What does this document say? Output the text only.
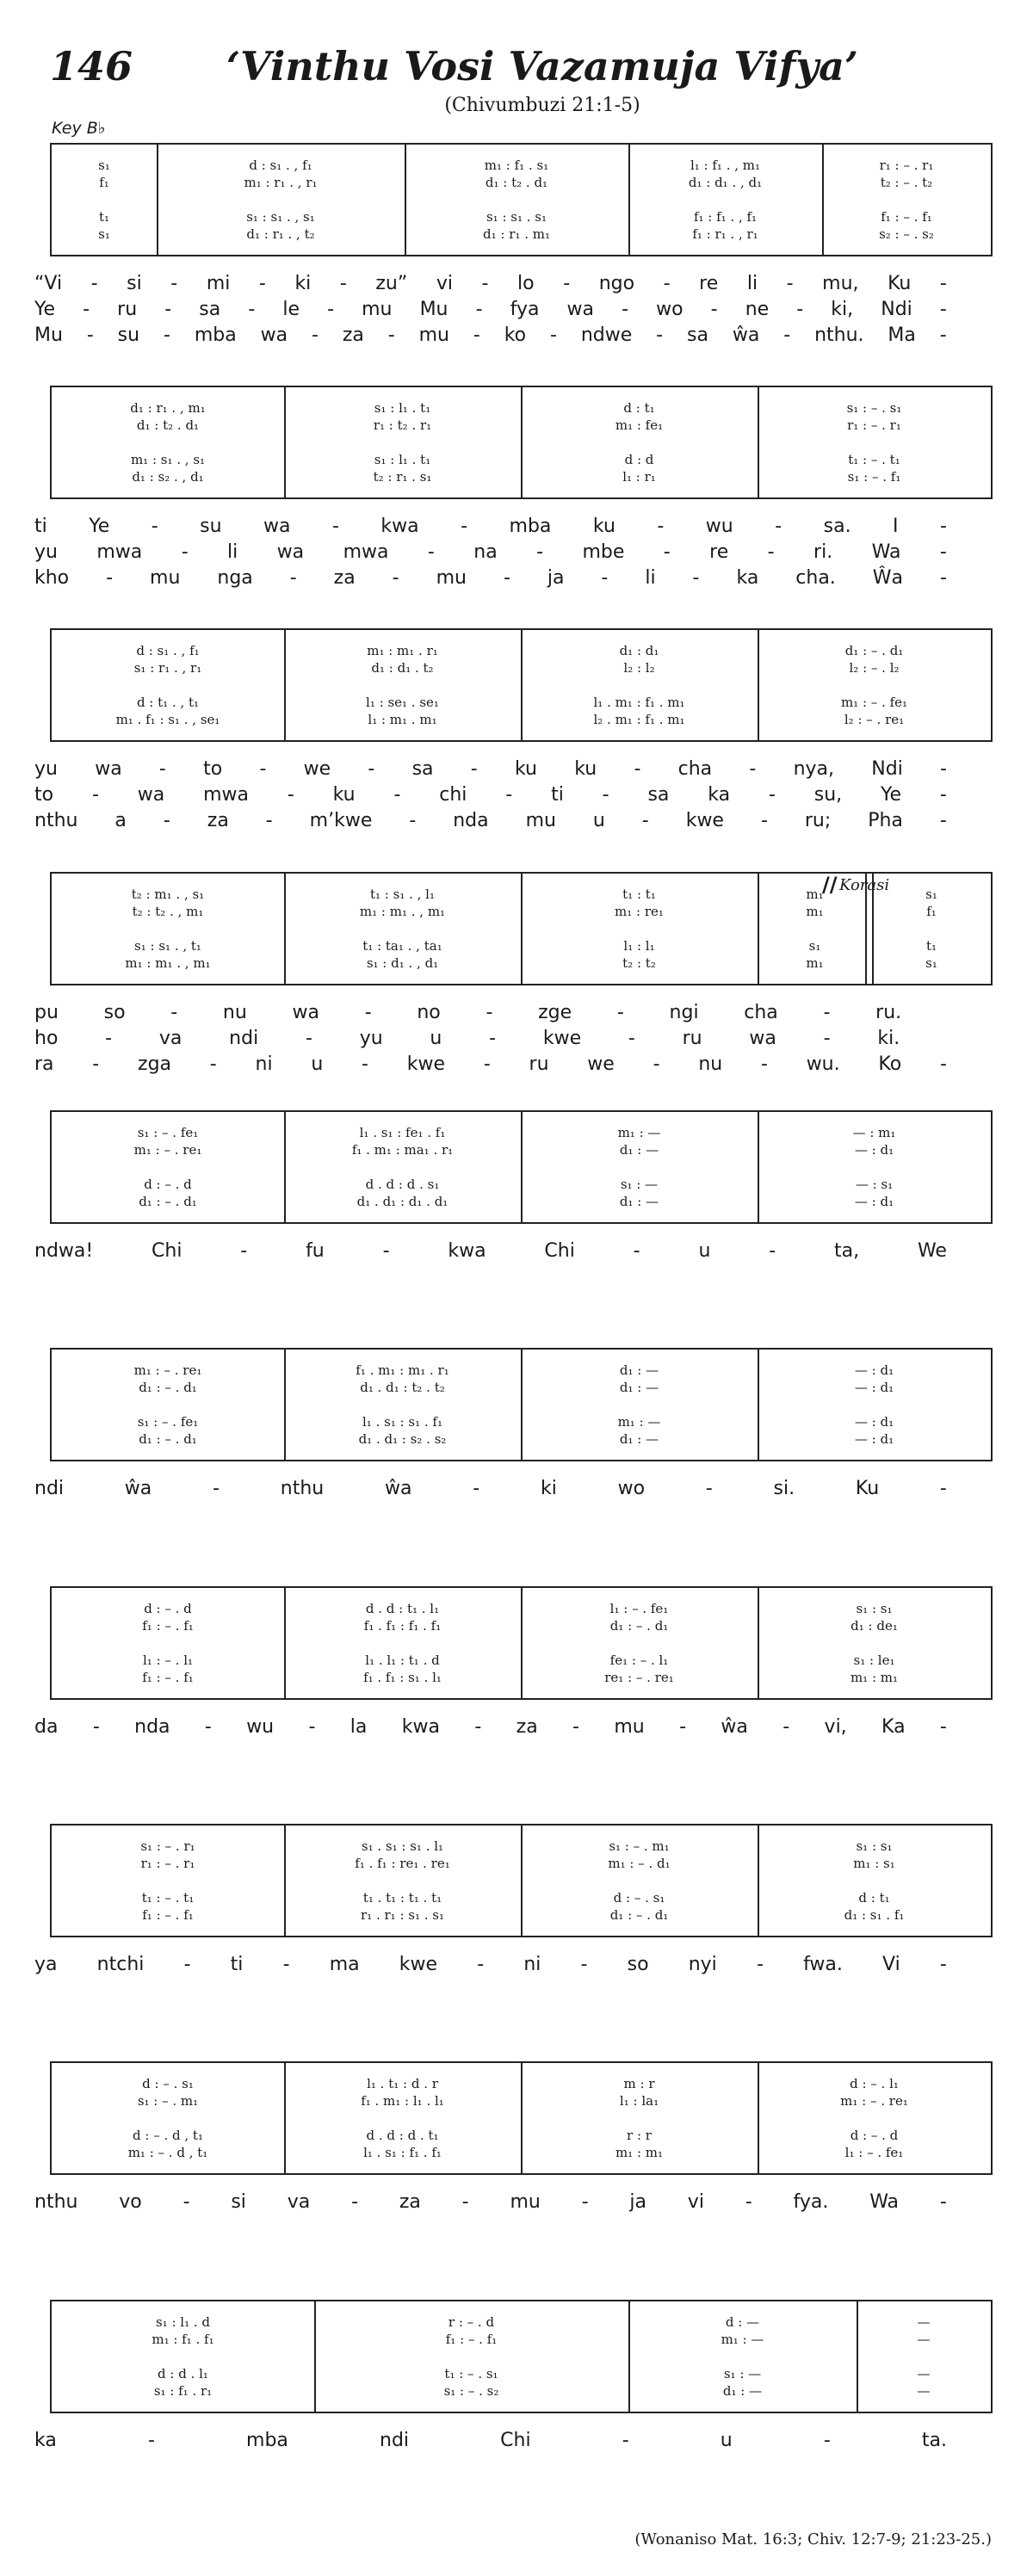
146	‘Vinthu Vosi Vazamuja Vifya’
(Chivumbuzi 21:1-5)
Key B♭
// Korasi
s₁	d : s₁ . , f₁	m₁ : f₁ . s₁	l₁ : f₁ . , m₁	r₁ : – . r₁
f₁	m₁ : r₁ . , r₁	d₁ : t₂ . d₁	d₁ : d₁ . , d₁	t₂ : – . t₂
t₁	s₁ : s₁ . , s₁	s₁ : s₁ . s₁	f₁ : f₁ . , f₁	f₁ : – . f₁
s₁	d₁ : r₁ . , t₂	d₁ : r₁ . m₁	f₁ : r₁ . , r₁	s₂ : – . s₂
“Vi - si - mi - ki - zu” vi - lo - ngo - re li - mu, Ku -
Ye - ru - sa - le - mu Mu - fya wa - wo - ne - ki, Ndi -
Mu - su - mba wa - za - mu - ko - ndwe - sa ŵa - nthu. Ma -
d₁ : r₁ . , m₁	s₁ : l₁ . t₁	d : t₁	s₁ : – . s₁
d₁ : t₂ . d₁	r₁ : t₂ . r₁	m₁ : fe₁	r₁ : – . r₁
m₁ : s₁ . , s₁	s₁ : l₁ . t₁	d : d	t₁ : – . t₁
d₁ : s₂ . , d₁	t₂ : r₁ . s₁	l₁ : r₁	s₁ : – . f₁
ti Ye - su wa - kwa - mba ku - wu - sa. I -
yu mwa - li wa mwa - na - mbe - re - ri. Wa -
kho - mu nga - za - mu - ja - li - ka cha. Ŵa -
d : s₁ . , f₁	m₁ : m₁ . r₁	d₁ : d₁	d₁ : – . d₁
s₁ : r₁ . , r₁	d₁ : d₁ . t₂	l₂ : l₂	l₂ : – . l₂
d : t₁ . , t₁	l₁ : se₁ . se₁	l₁ . m₁ : f₁ . m₁	m₁ : – . fe₁
m₁ . f₁ : s₁ . , se₁	l₁ : m₁ . m₁	l₂ . m₁ : f₁ . m₁	l₂ : – . re₁
yu wa - to - we - sa - ku ku - cha - nya, Ndi -
to - wa mwa - ku - chi - ti - sa ka - su, Ye -
nthu a - za - m’kwe - nda mu u - kwe - ru; Pha -
t₂ : m₁ . , s₁	t₁ : s₁ . , l₁	t₁ : t₁	m₁	s₁
t₂ : t₂ . , m₁	m₁ : m₁ . , m₁	m₁ : re₁	m₁	f₁
s₁ : s₁ . , t₁	t₁ : ta₁ . , ta₁	l₁ : l₁	s₁	t₁
m₁ : m₁ . , m₁	s₁ : d₁ . , d₁	t₂ : t₂	m₁	s₁
pu so - nu wa - no - zge - ngi cha - ru.
ho - va ndi - yu u - kwe - ru wa - ki.
ra - zga - ni u - kwe - ru we - nu - wu. Ko -
s₁ : – . fe₁	l₁ . s₁ : fe₁ . f₁	m₁ : —	— : m₁
m₁ : – . re₁	f₁ . m₁ : ma₁ . r₁	d₁ : —	— : d₁
d : – . d	d . d : d . s₁	s₁ : —	— : s₁
d₁ : – . d₁	d₁ . d₁ : d₁ . d₁	d₁ : —	— : d₁
ndwa!	Chi	-	fu	-	kwa	Chi	-	u	-	ta,	We
m₁ : – . re₁	f₁ . m₁ : m₁ . r₁	d₁ : —	— : d₁
d₁ : – . d₁	d₁ . d₁ : t₂ . t₂	d₁ : —	— : d₁
s₁ : – . fe₁	l₁ . s₁ : s₁ . f₁	m₁ : —	— : d₁
d₁ : – . d₁	d₁ . d₁ : s₂ . s₂	d₁ : —	— : d₁
ndi	ŵa	-	nthu	ŵa	-	ki	wo	-	si.	Ku	-
d : – . d	d . d : t₁ . l₁	l₁ : – . fe₁	s₁ : s₁
f₁ : – . f₁	f₁ . f₁ : f₁ . f₁	d₁ : – . d₁	d₁ : de₁
l₁ : – . l₁	l₁ . l₁ : t₁ . d	fe₁ : – . l₁	s₁ : le₁
f₁ : – . f₁	f₁ . f₁ : s₁ . l₁	re₁ : – . re₁	m₁ : m₁
da - nda - wu - la kwa - za - mu - ŵa - vi, Ka -
s₁ : – . r₁	s₁ . s₁ : s₁ . l₁	s₁ : – . m₁	s₁ : s₁
r₁ : – . r₁	f₁ . f₁ : re₁ . re₁	m₁ : – . d₁	m₁ : s₁
t₁ : – . t₁	t₁ . t₁ : t₁ . t₁	d : – . s₁	d : t₁
f₁ : – . f₁	r₁ . r₁ : s₁ . s₁	d₁ : – . d₁	d₁ : s₁ . f₁
ya ntchi - ti - ma kwe - ni - so nyi - fwa. Vi -
d : – . s₁	l₁ . t₁ : d . r	m : r	d : – . l₁
s₁ : – . m₁	f₁ . m₁ : l₁ . l₁	l₁ : la₁	m₁ : – . re₁
d : – . d , t₁	d . d : d . t₁	r : r	d : – . d
m₁ : – . d , t₁	l₁ . s₁ : f₁ . f₁	m₁ : m₁	l₁ : – . fe₁
nthu vo - si va - za - mu - ja vi - fya. Wa -
s₁ : l₁ . d	r : – . d	d : —	—
m₁ : f₁ . f₁	f₁ : – . f₁	m₁ : —	—
d : d . l₁	t₁ : – . s₁	s₁ : —	—
s₁ : f₁ . r₁	s₁ : – . s₂	d₁ : —	—
ka	-	mba	ndi	Chi	-	u	-	ta.
(Wonaniso Mat. 16:3; Chiv. 12:7-9; 21:23-25.)
